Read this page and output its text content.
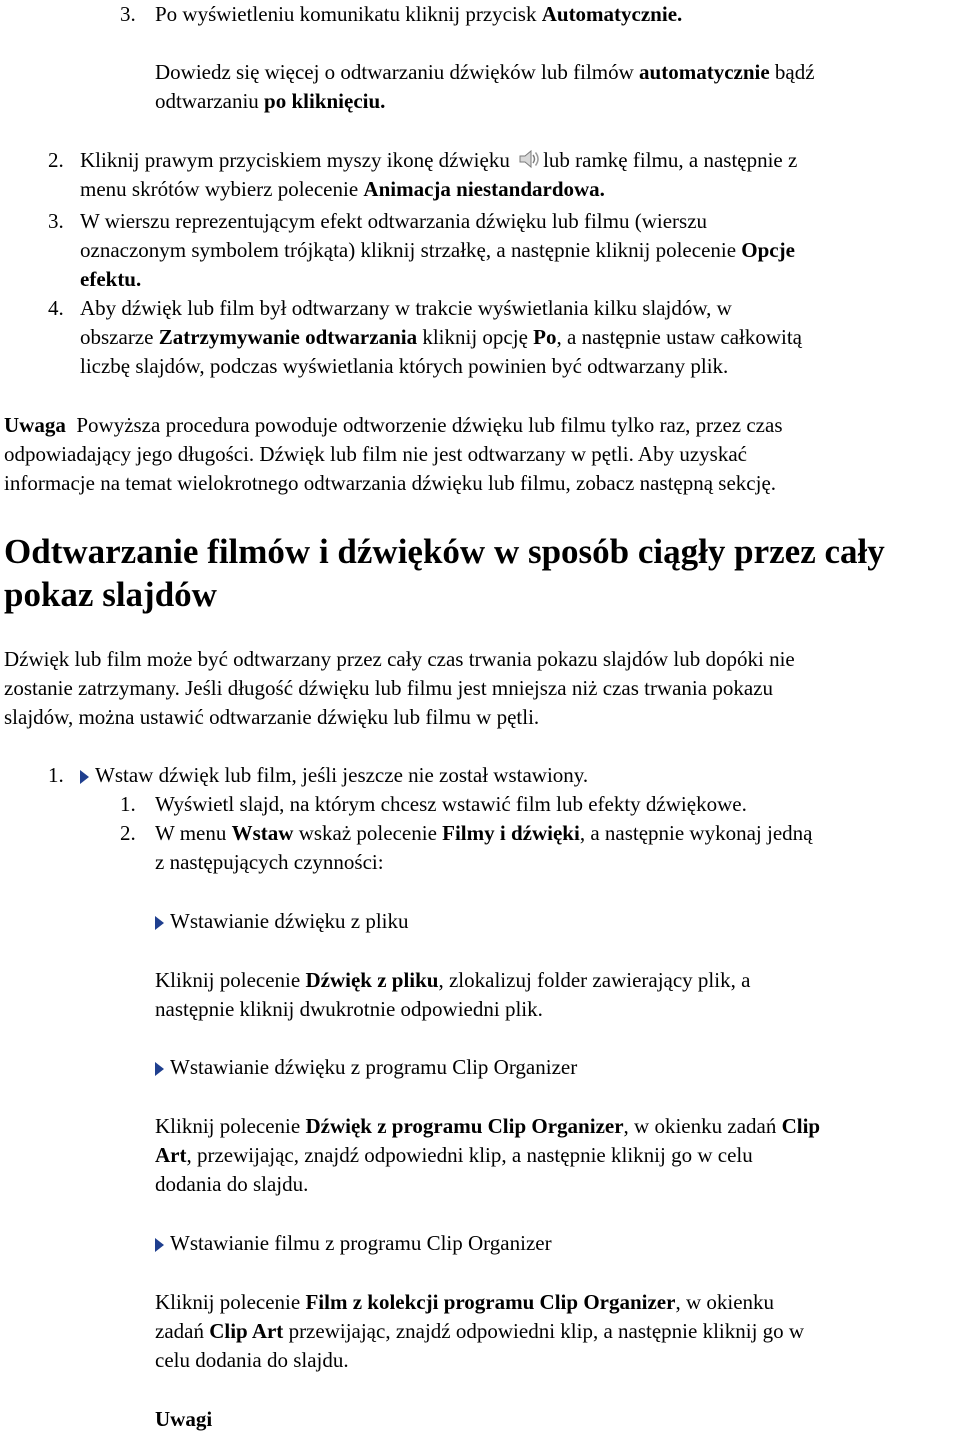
3. Po wyświetleniu komunikatu kliknij przycisk Automatycznie.
Dowiedz się więcej o odtwarzaniu dźwięków lub filmów automatycznie bądź
odtwarzaniu po kliknięciu.
2. Kliknij prawym przyciskiem myszy ikonę dźwięku lub ramkę filmu, a następnie z
menu skrótów wybierz polecenie Animacja niestandardowa.
3. W wierszu reprezentującym efekt odtwarzania dźwięku lub filmu (wierszu
oznaczonym symbolem trójkąta) kliknij strzałkę, a następnie kliknij polecenie Opcje
efektu.
4. Aby dźwięk lub film był odtwarzany w trakcie wyświetlania kilku slajdów, w
obszarze Zatrzymywanie odtwarzania kliknij opcję Po, a następnie ustaw całkowitą
liczbę slajdów, podczas wyświetlania których powinien być odtwarzany plik.
Uwaga  Powyższa procedura powoduje odtworzenie dźwięku lub filmu tylko raz, przez czas
odpowiadający jego długości. Dźwięk lub film nie jest odtwarzany w pętli. Aby uzyskać
informacje na temat wielokrotnego odtwarzania dźwięku lub filmu, zobacz następną sekcję.
Odtwarzanie filmów i dźwięków w sposób ciągły przez cały
pokaz slajdów
Dźwięk lub film może być odtwarzany przez cały czas trwania pokazu slajdów lub dopóki nie
zostanie zatrzymany. Jeśli długość dźwięku lub filmu jest mniejsza niż czas trwania pokazu
slajdów, można ustawić odtwarzanie dźwięku lub filmu w pętli.
1.	Wstaw dźwięk lub film, jeśli jeszcze nie został wstawiony.
1. Wyświetl slajd, na którym chcesz wstawić film lub efekty dźwiękowe.
2. W menu Wstaw wskaż polecenie Filmy i dźwięki, a następnie wykonaj jedną
z następujących czynności:
Wstawianie dźwięku z pliku
Kliknij polecenie Dźwięk z pliku, zlokalizuj folder zawierający plik, a
następnie kliknij dwukrotnie odpowiedni plik.
Wstawianie dźwięku z programu Clip Organizer
Kliknij polecenie Dźwięk z programu Clip Organizer, w okienku zadań Clip
Art, przewijając, znajdź odpowiedni klip, a następnie kliknij go w celu
dodania do slajdu.
Wstawianie filmu z programu Clip Organizer
Kliknij polecenie Film z kolekcji programu Clip Organizer, w okienku
zadań Clip Art przewijając, znajdź odpowiedni klip, a następnie kliknij go w
celu dodania do slajdu.
Uwagi
